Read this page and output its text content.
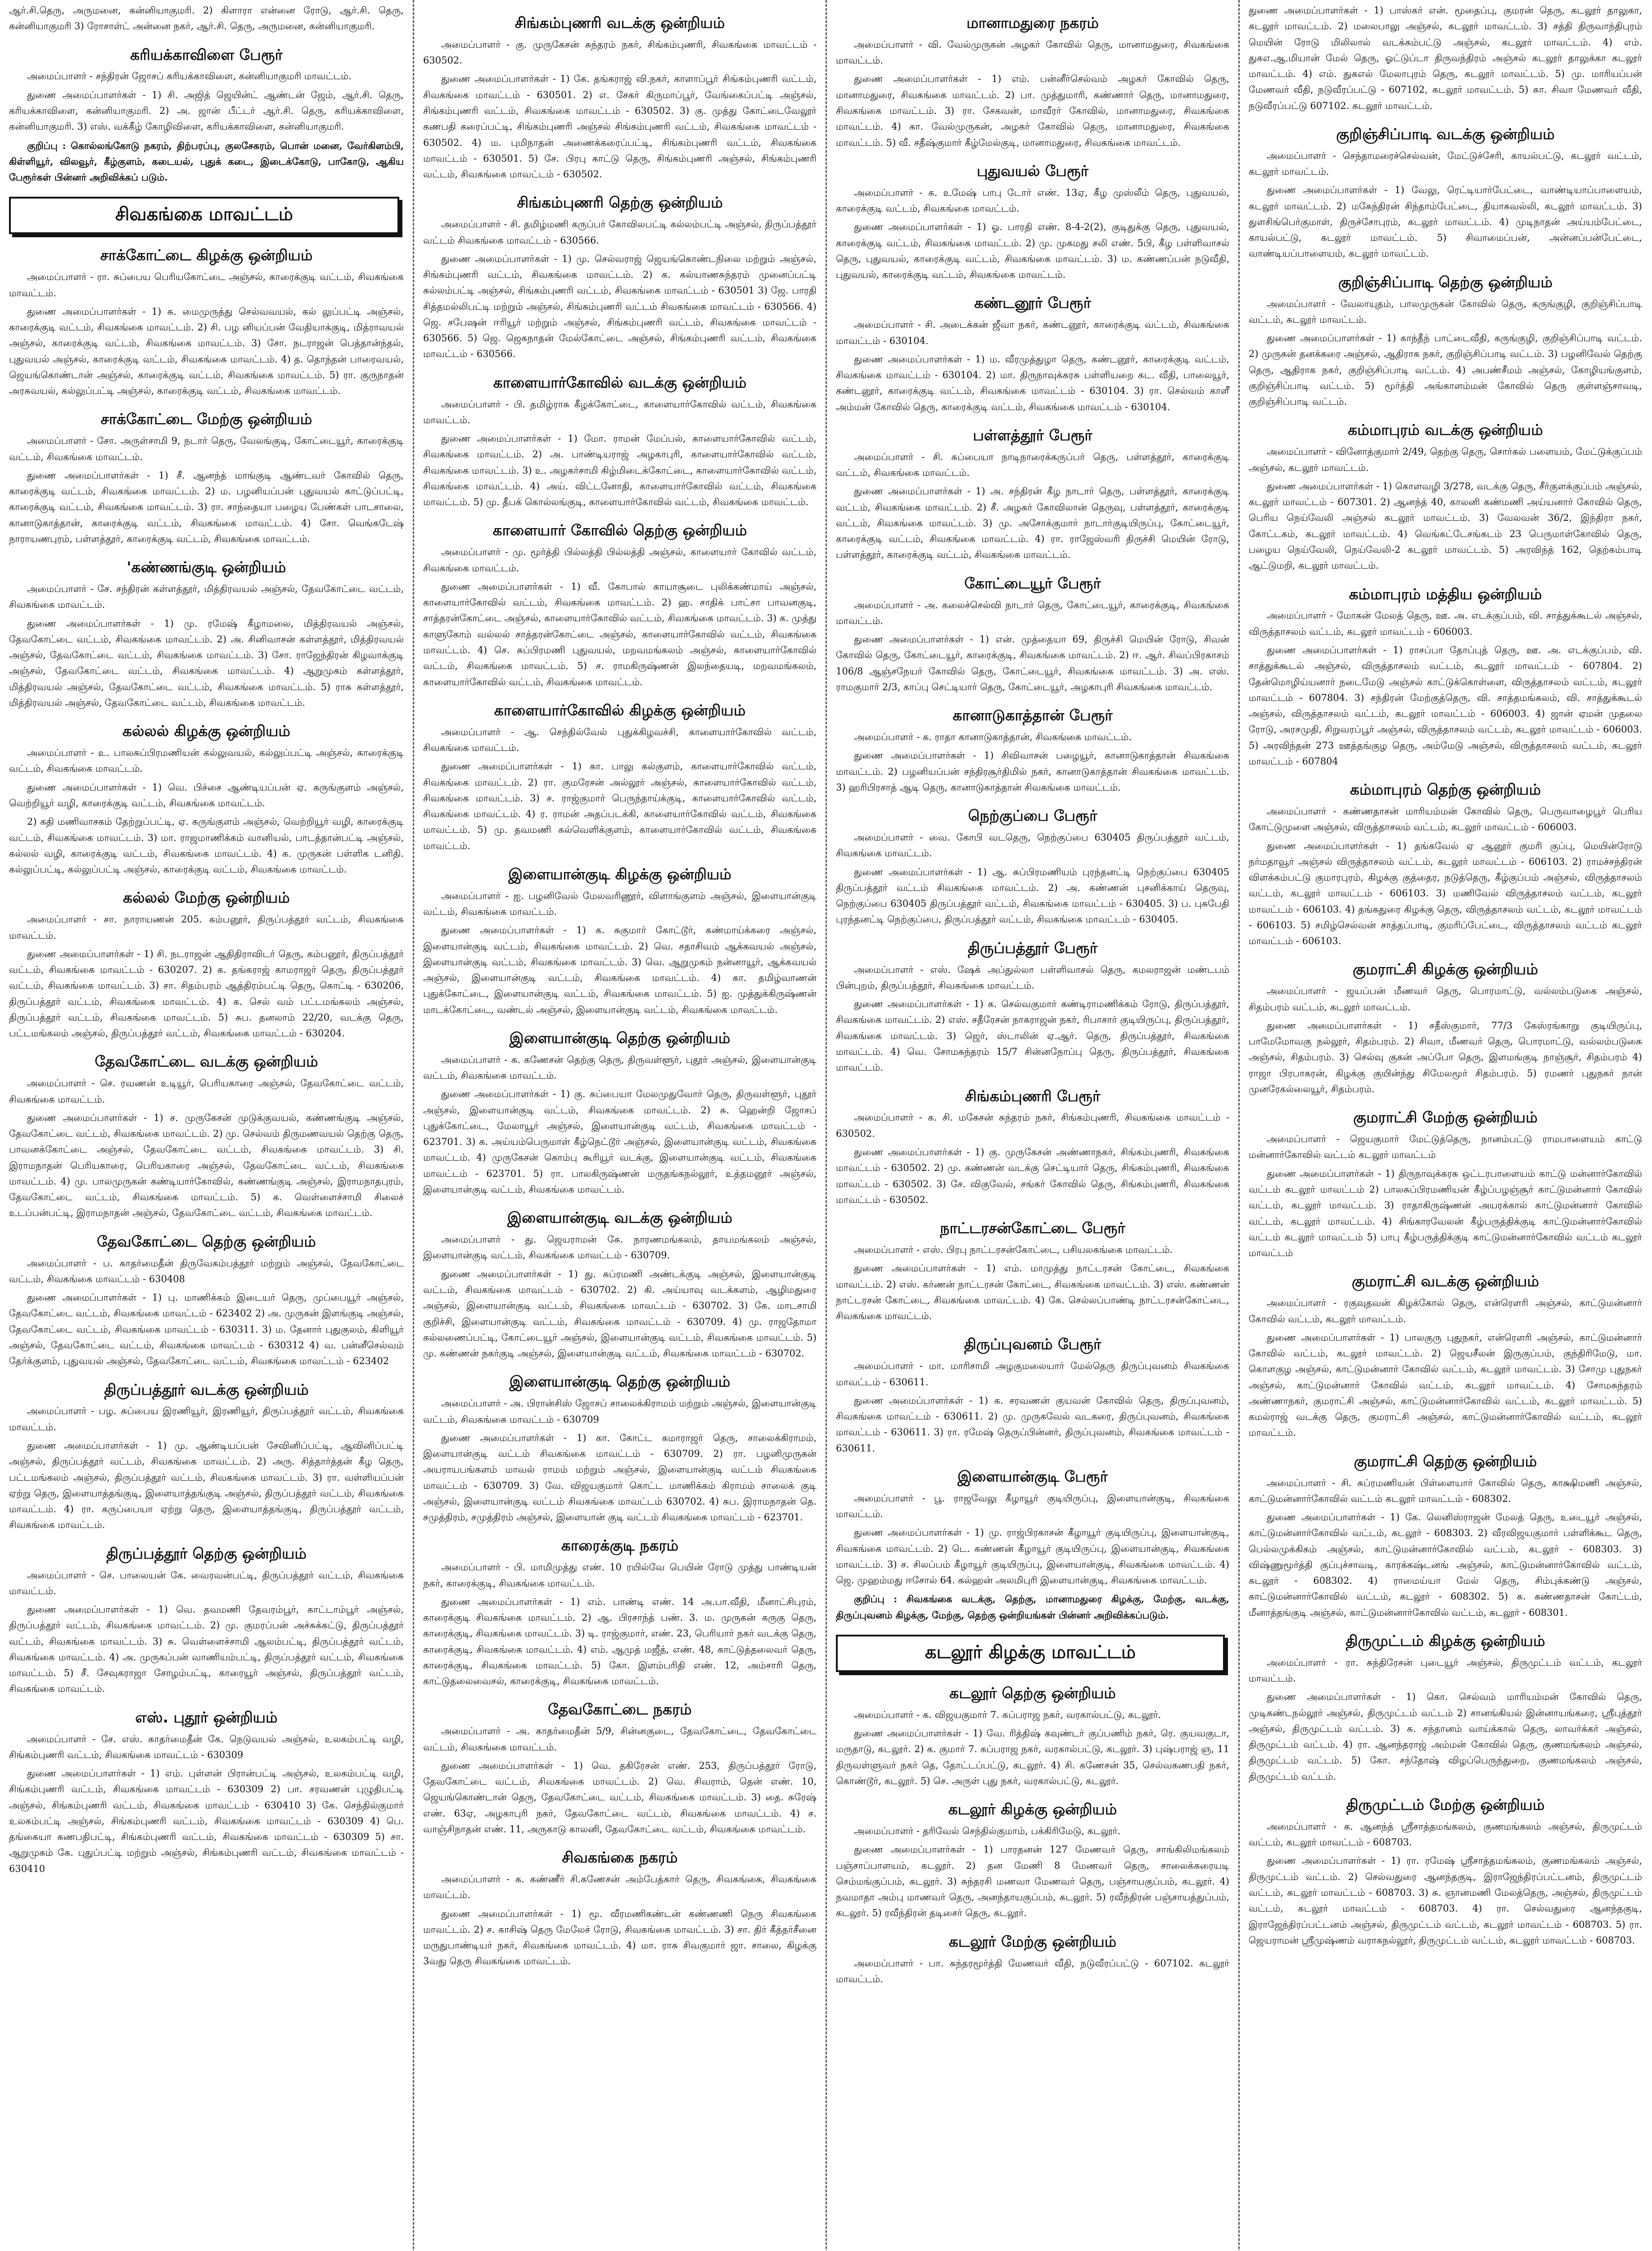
ஆர்.சி.தெரு, அருமனை, கன்னியாகுமரி. 2) கிளாரா என்னை ரோடு, ஆர்.சி. தெரு, கன்னியாகுமரி 3) ரோசாள்ட் அன்னை நகர், ஆர்.சி. தெரு, அருமனை, கன்னியாகுமரி.

கரியக்காவிளை பேரூர்

அமைப்பாளர் - சந்திரன் ஜோசப் கரியக்காவிளை, கன்னியாகுமரி மாவட்டம்.

துணை அமைப்பாளர்கள் - 1) சி. அஜித் ஜெயின்ட் ஆண்டன் ஜேம், ஆர்.சி. தெரு, கரியக்காவிளை, கன்னியாகுமரி. 2) அ. ஜான் பீட்டர் ஆர்.சி. தெரு, கரியக்காவிளை, கன்னியாகுமரி. 3) எஸ். வக்கீழ் கோழிவிளை, கரியக்காவிளை, கன்னியாகுமரி.

குறிப்பு : கொல்லங்கோடு நகரம், திற்பரப்பு, குலசேகரம், பொன் மனை, வேர்கிளம்பி, கிள்ளியூர், விலவூர், கீழ்குளம், கடையல், புதுக் கடை, இடைக்கோடு, பாகோடு, ஆகிய பேரூர்கள் பின்னர் அறிவிக்கப் படும்.

சிவகங்கை மாவட்டம்
சாக்கோட்டை கிழக்கு ஒன்றியம்

அமைப்பாளர் - ரா. சுப்பைய பெரியகோட்டை அஞ்சல், காரைக்குடி வட்டம், சிவகங்கை மாவட்டம்.

துணை அமைப்பாளர்கள் - 1) சு. மைமுருத்து செல்வவயல், கல் லுப்பட்டி அஞ்சல், காரைக்குடி வட்டம், சிவகங்கை மாவட்டம். 2) சி. பழ னியப்பன் வேதியாக்குடி, மித்ராவயல் அஞ்சல், காரைக்குடி வட்டம், சிவகங்கை மாவட்டம். 3) சோ. நடராஜன் பெத்தான்ந்தல், புதுவயல் அஞ்சல், காரைக்குடி வட்டம், சிவகங்கை மாவட்டம். 4) த. தொந்தன் பாரைவயல், ஜெயங்கொண்டான் அஞ்சல், காரைக்குடி வட்டம், சிவகங்கை மாவட்டம். 5) ரா. குருநாதன் அரசுவயல், கல்லுப்பட்டி அஞ்சல், காரைக்குடி வட்டம், சிவகங்கை மாவட்டம்.

சாக்கோட்டை மேற்கு ஒன்றியம்

அமைப்பாளர் - சோ. அருள்சாமி 9, நடார் தெரு, வேலங்குடி, கோட்டையூர், காரைக்குடி வட்டம், சிவகங்கை மாவட்டம்.

துணை அமைப்பாளர்கள் - 1) சீ. ஆனந்த் மாங்குடி ஆண்டவர் கோவில் தெரு, காரைக்குடி வட்டம், சிவகங்கை மாவட்டம். 2) ம. பழனியப்பன் புதுவயல் காட்டுப்பட்டி, காரைக்குடி வட்டம், சிவகங்கை மாவட்டம். 3) ரா. சாந்தையா பழைய பேண்கள் பாடசாலை, கானாடுகாத்தான், காரைக்குடி வட்டம், சிவகங்கை மாவட்டம். 4) சோ. வெங்கடேஷ் நாராயணபுரம், பள்ளத்தூர், காரைக்குடி வட்டம், சிவகங்கை மாவட்டம்.

'கண்ணங்குடி ஒன்றியம்

அமைப்பாளர் - சே. சந்திரன் கள்ளத்தூர், மித்திரவயல் அஞ்சல், தேவகோட்டை வட்டம், சிவகங்கை மாவட்டம்.

துணை அமைப்பாளர்கள் - 1) மு. ரமேஷ் கீழாமலை, மித்திரவயல் அஞ்சல், தேவகோட்டை வட்டம், சிவகங்கை மாவட்டம். 2) அ. சினிவாசன் கள்ளத்தூர், மித்திரவயல் அஞ்சல், தேவகோட்டை வட்டம், சிவகங்கை மாவட்டம். 3) சோ. ராஜேந்திரன் கிழவாக்குடி அஞ்சல், தேவகோட்டை வட்டம், சிவகங்கை மாவட்டம். 4) ஆறுமுகம் கள்ளத்தூர், மித்திரவயல் அஞ்சல், தேவகோட்டை வட்டம், சிவகங்கை மாவட்டம். 5) ராசு கள்ளத்தூர், மித்திரவயல் அஞ்சல், தேவகோட்டை வட்டம், சிவகங்கை மாவட்டம்.

கல்லல் கிழக்கு ஒன்றியம்

அமைப்பாளர் - உ. பாலசுப்பிரமணியன் கல்லுவயல், கல்லுப்பட்டி அஞ்சல், காரைக்குடி வட்டம், சிவகங்கை மாவட்டம்.

துணை அமைப்பாளர்கள் - 1) வெ. பிச்சை ஆண்டியப்பன் ஏ. கருங்குளம் அஞ்சல், வெற்றியூர் வழி, காரைக்குடி வட்டம், சிவகங்கை மாவட்டம்.

2) கதி மணிவாசகம் தேற்றுப்பட்டி, ஏ. கருங்குளம் அஞ்சல், வெற்றியூர் வழி, காரைக்குடி வட்டம், சிவகங்கை மாவட்டம். 3) மா. ராஜமாணிக்கம் வானியல், பாடத்தான்பட்டி அஞ்சல், கல்லல் வழி, காரைக்குடி வட்டம், சிவகங்கை மாவட்டம். 4) க. முருகன் பள்ளிக டனிதி. கல்லுப்பட்டி, கல்லுப்பட்டி அஞ்சல், காரைக்குடி வட்டம், சிவகங்கை மாவட்டம்.

கல்லல் மேற்கு ஒன்றியம்

அமைப்பாளர் - சா. நாராயணன் 205. கம்பனூர், திருப்பத்தூர் வட்டம், சிவகங்கை மாவட்டம்.

துணை அமைப்பாளர்கள் - 1) சி. நடராஜன் ஆதிதிராவிடர் தெரு, கம்பனூர், திருப்பத்தூர் வட்டம், சிவகங்கை மாவட்டம் - 630207. 2) க. தங்கராஜ் காமராஜர் தெரு, திருப்பத்தூர் வட்டம், சிவகங்கை மாவட்டம். 3) சா. சிதம்பரம் ஆத்திரம்பட்டி தெரு, கொட்டி - 630206, திருப்பத்தூர் வட்டம், சிவகங்கை மாவட்டம். 4) க. செல் வம் பட்டமங்கலம் அஞ்சல், திருப்பத்தூர் வட்டம், சிவகங்கை மாவட்டம். 5) சுப. தனலாம் 22/20, வடக்கு தெரு, பட்டமங்கலம் அஞ்சல், திருப்பத்தூர் வட்டம், சிவகங்கை மாவட்டம் - 630204.

தேவகோட்டை வடக்கு ஒன்றியம்

அமைப்பாளர் - செ. ரவணன் உடியூர், பெரியகாரை அஞ்சல், தேவகோட்டை வட்டம், சிவகங்கை மாவட்டம்.

துணை அமைப்பாளர்கள் - 1) ச. முருகேசன் முடுக்குவயல், கண்ணங்குடி அஞ்சல், தேவகோட்டை வட்டம், சிவகங்கை மாவட்டம். 2) மு. செல்வம் திருமணவயல் தெற்கு தெரு, பாவனக்கோட்டை அஞ்சல், தேவகோட்டை வட்டம், சிவகங்கை மாவட்டம். 3) சி. இராமநாதன் பெரியகாரை, பெரியகாரை அஞ்சல், தேவகோட்டை வட்டம், சிவகங்கை மாவட்டம். 4) மு. பாலமுருகன் கண்டியார்கோவில், கண்ணங்குடி அஞ்சல், இராமநாதபுரம், தேவகோட்டை வட்டம், சிவகங்கை மாவட்டம். 5) க. வெள்ளைச்சாமி சிலைச் உடப்பன்பட்டி, இராமநாதன் அஞ்சல், தேவகோட்டை வட்டம், சிவகங்கை மாவட்டம்.

தேவகோட்டை தெற்கு ஒன்றியம்

அமைப்பாளர் - ப. காதர்மைதீன் திருவேகம்பத்தூர் மற்றும் அஞ்சல், தேவகோட்டை வட்டம், சிவகங்கை மாவட்டம் - 630408

துணை அமைப்பாளர்கள் - 1) பு. மாணிக்கம் இடையர் தெரு, முப்பையூர் அஞ்சல், தேவகோட்டை வட்டம், சிவகங்கை மாவட்டம் - 623402 2) அ. முருகன் இளங்குடி அஞ்சல், தேவகோட்டை வட்டம், சிவகங்கை மாவட்டம் - 630311. 3) ம. தேனார் புதுகுலம், கிளியூர் அஞ்சல், தேவகோட்டை வட்டம், சிவகங்கை மாவட்டம் - 630312 4) வ. பன்னீசெல்வம் தேர்க்குளம், புதுவயல் அஞ்சல், தேவகோட்டை வட்டம், சிவகங்கை மாவட்டம் - 623402

திருப்பத்தூர் வடக்கு ஒன்றியம்

அமைப்பாளர் - பழ. சுப்பைய இரணியூர், இரணியூர், திருப்பத்தூர் வட்டம், சிவகங்கை மாவட்டம்.

துணை அமைப்பாளர்கள் - 1) மு. ஆண்டியப்பன் சேவினிப்பட்டி, ஆவினிப்பட்டி அஞ்சல், திருப்பத்தூர் வட்டம், சிவகங்கை மாவட்டம். 2) அரு. சித்தார்த்தன் கீழ தெரு, பட்டமங்கலம் அஞ்சல், திருப்பத்தூர் வட்டம், சிவகங்கை மாவட்டம். 3) ரா. வள்ளியப்பன் ஏற்று தெரு, இளையாத்தங்குடி, இளையாத்தங்குடி அஞ்சல், திருப்பத்தூர் வட்டம், சிவகங்கை மாவட்டம். 4) ரா. கருப்பையா ஏற்று தெரு, இளையாத்தங்குடி, திருப்பத்தூர் வட்டம், சிவகங்கை மாவட்டம்.

திருப்பத்தூர் தெற்கு ஒன்றியம்

அமைப்பாளர் - செ. பாலையன் கே. வைரவன்பட்டி, திருப்பத்தூர் வட்டம், சிவகங்கை மாவட்டம்.

துணை அமைப்பாளர்கள் - 1) வெ. தவமணி தேவரம்பூர், காட்டாம்பூர் அஞ்சல், திருப்பத்தூர் வட்டம், சிவகங்கை மாவட்டம். 2) மு. குமரப்பன் அச்சுக்கட்டு, திருப்பத்தூர் வட்டம், சிவகங்கை மாவட்டம். 3) சு. வெள்ளைச்சாமி ஆலம்பட்டி, திருப்பத்தூர் வட்டம், சிவகங்கை மாவட்டம். 4) அ. முருகப்பன் வாணியம்பட்டி, திருப்பத்தூர் வட்டம், சிவகங்கை மாவட்டம். 5) சீ. சேவுகராஜா சோழம்பட்டி, காரையூர் அஞ்சல், திருப்பத்தூர் வட்டம், சிவகங்கை மாவட்டம்.

எஸ். புதூர் ஒன்றியம்

அமைப்பாளர் - சே. எஸ். காதர்மைதீன் கே. நெடுவயல் அஞ்சல், உலகம்பட்டி வழி, சிங்கம்புணரி வட்டம், சிவகங்கை மாவட்டம் - 630309

துணை அமைப்பாளர்கள் - 1) எம். புள்ளன் பிரான்பட்டி அஞ்சல், உலகம்பட்டி வழி, சிங்கம்புணரி வட்டம், சிவகங்கை மாவட்டம் - 630309 2) பா. சரவணன் புழுதிபட்டி அஞ்சல், சிங்கம்புணரி வட்டம், சிவகங்கை மாவட்டம் - 630410 3) கே. செந்தில்குமார் உலகம்பட்டி அஞ்சல், சிங்கம்புணரி வட்டம், சிவகங்கை மாவட்டம் - 630309 4) பெ. தங்கையா கணபதிபட்டி, சிங்கம்புணரி வட்டம், சிவகங்கை மாவட்டம் - 630309 5) சா. ஆறுமுகம் கே. புதுப்பட்டி மற்றும் அஞ்சல், சிங்கம்புணரி வட்டம், சிவகங்கை மாவட்டம் - 630410

சிங்கம்புணரி வடக்கு ஒன்றியம்

அமைப்பாளர் - கு. முருகேசன் சுந்தரம் நகர், சிங்கம்புணரி, சிவகங்கை மாவட்டம் - 630502.

துணை அமைப்பாளர்கள் - 1) கே. தங்கராஜ் வி.நகர், காளாப்பூர் சிங்கம்புணரி வட்டம், சிவகங்கை மாவட்டம் - 630501. 2) எ. சேகர் கிருமாப்பூர், வேங்கைப்பட்டி அஞ்சல், சிங்கம்புணரி வட்டம், சிவகங்கை மாவட்டம் - 630502. 3) கு. முத்து கோட்டைவேலூர் கணபதி கரைப்பட்டி, சிங்கம்புணரி அஞ்சல் சிங்கம்புணரி வட்டம், சிவகங்கை மாவட்டம் - 630502. 4) ம. புமிநாதன் அணைக்கரைப்பட்டி, சிங்கம்புணரி வட்டம், சிவகங்கை மாவட்டம் - 630501. 5) சே. பிரபு காட்டு தெரு, சிங்கம்புணரி அஞ்சல், சிங்கம்புணரி வட்டம், சிவகங்கை மாவட்டம் - 630502.

சிங்கம்புணரி தெற்கு ஒன்றியம்

அமைப்பாளர் - சி. தமிழ்மணி கருப்பர் கோவிலபட்டி கல்லம்பட்டி அஞ்சல், திருப்பத்தூர் வட்டம் சிவகங்கை மாவட்டம் - 630566.

துணை அமைப்பாளர்கள் - 1) மு. செல்வராஜ் ஜெயங்கொண்டநிலை மற்றும் அஞ்சல், சிங்கம்புணரி வட்டம், சிவகங்கை மாவட்டம். 2) க. கல்யாணசுந்தரம் முனைப்பட்டி கல்லம்பட்டி அஞ்சல், சிங்கம்புணரி வட்டம், சிவகங்கை மாவட்டம் - 630501 3) ஜே. பாரதி சித்தமல்லிபட்டி மற்றும் அஞ்சல், சிங்கம்புணரி வட்டம் சிவகங்கை மாவட்டம் - 630566. 4) ஜெ. சபேஷன் ஈரியூர் மற்றும் அஞ்சல், சிங்கம்புணரி வட்டம், சிவகங்கை மாவட்டம் - 630566. 5) ஜெ. ஜெகநாதன் மேல்கோட்டை அஞ்சல், சிங்கம்புணரி வட்டம், சிவகங்கை மாவட்டம் - 630566.

காளையார்கோவில் வடக்கு ஒன்றியம்

அமைப்பாளர் - பி. தமிழ்ராசு கீழக்கோட்டை, காளையார்கோவில் வட்டம், சிவகங்கை மாவட்டம்.

துணை அமைப்பாளர்கள் - 1) மோ. ராமன் மேப்பல், காளையார்கோவில் வட்டம், சிவகங்கை மாவட்டம். 2) அ. பாண்டியராஜ் அழகாபுரி, காளையார்கோவில் வட்டம், சிவகங்கை மாவட்டம். 3) உ. அழகர்சாமி கிழ்மிடைக்கோட்டை, காளையார்கோவில் வட்டம், சிவகங்கை மாவட்டம். 4) அய். விட்டனோதி, காளையார்கோவில் வட்டம், சிவகங்கை மாவட்டம். 5) மு. தீபக் கொல்லங்குடி, காளையார்கோவில் வட்டம், சிவகங்கை மாவட்டம்.

காளையார் கோவில் தெற்கு ஒன்றியம்

அமைப்பாளர் - மு. மூர்த்தி பில்லத்தி பில்லத்தி அஞ்சல், காளையார் கோவில் வட்டம், சிவகங்கை மாவட்டம்.

துணை அமைப்பாளர்கள் - 1) வீ. கோபால் காயாசூடை புலிக்கண்மாய் அஞ்சல், காளையார்கோவில் வட்டம், சிவகங்கை மாவட்டம். 2) ஹ. சாதிக் பாட்சா பாவனகுடி, சாத்தரன்கோட்டை அஞ்சல், காளையார்கோவில் வட்டம், சிவகங்கை மாவட்டம். 3) க. முத்து காளுகோம் வல்லல் சாத்தரன்கோட்டை அஞ்சல், காளையார்கோவில் வட்டம், சிவகங்கை மாவட்டம். 4) செ. சுப்பிரமணி புதுவயல், மறவமங்கலம் அஞ்சல், காளையார்கோவில் வட்டம், சிவகங்கை மாவட்டம். 5) ச. ராமகிருஷ்ணன் இலந்தையடி, மறவமங்கலம், காளையார்கோவில் வட்டம், சிவகங்கை மாவட்டம்.

காளையார்கோவில் கிழக்கு ஒன்றியம்

அமைப்பாளர் - ஆ. செந்தில்வேல் புதுக்கிழவச்சி, காளையார்கோவில் வட்டம், சிவகங்கை மாவட்டம்.

துணை அமைப்பாளர்கள் - 1) கா. பாலு கல்குளம், காளையார்கோவில் வட்டம், சிவகங்கை மாவட்டம். 2) ரா. குமரேசன் அல்லூர் அஞ்சல், காளையார்கோவில் வட்டம், சிவகங்கை மாவட்டம். 3) ச. ராஜ்குமார் பெருந்தாய்க்குடி, காளையார்கோவில் வட்டம், சிவகங்கை மாவட்டம். 4) ர. ராமன் அதப்படக்கி, காளையார்கோவில் வட்டம், சிவகங்கை மாவட்டம். 5) மு. தவமணி கல்வெளிக்குளம், காளையார்கோவில் வட்டம், சிவகங்கை மாவட்டம்.

இளையான்குடி கிழக்கு ஒன்றியம்

அமைப்பாளர் - ஐ. பழனிவேல் மேலவரிணூர், விளாங்குளம் அஞ்சல், இளையான்குடி வட்டம், சிவகங்கை மாவட்டம்.

துணை அமைப்பாளர்கள் - 1) க. சுகுமார் கோட்டூர், கண்மாய்க்கரை அஞ்சல், இளையான்குடி வட்டம், சிவகங்கை மாவட்டம். 2) வெ. சதாசிவம் ஆக்கவயல் அஞ்சல், இளையான்குடி வட்டம், சிவகங்கை மாவட்டம். 3) வெ. ஆறுமுகம் நன்னாயூர், ஆக்கவயல் அஞ்சல், இளையான்குடி வட்டம், சிவகங்கை மாவட்டம். 4) கா. தமிழ்வாணன் புதுக்கோட்டை, இளையான்குடி வட்டம், சிவகங்கை மாவட்டம். 5) ஐ. முத்துக்கிருஷ்ணன் மாடக்கோட்டை, வண்டல் அஞ்சல், இளையான்குடி வட்டம், சிவகங்கை மாவட்டம்.

இளையான்குடி தெற்கு ஒன்றியம்

அமைப்பாளர் - க. கணேசன் தெற்கு தெரு, திருவள்ளூர், புதூர் அஞ்சல், இளையான்குடி வட்டம், சிவகங்கை மாவட்டம்.

துணை அமைப்பாளர்கள் - 1) கு. சுப்பையா மேலமுதுவோர் தெரு, திருவள்ளூர், புதூர் அஞ்சல், இளையான்குடி வட்டம், சிவகங்கை மாவட்டம். 2) சு. ஹென்றி ஜோசப் புதுக்கோட்டை, மேலாயூர் அஞ்சல், இளையான்குடி வட்டம், சிவகங்கை மாவட்டம் - 623701. 3) க. அய்யம்பெருமாள் கீழ்நெட்டூர் அஞ்சல், இளையான்குடி வட்டம், சிவகங்கை மாவட்டம். 4) முருகேசன் கொம்பு கூரியூர் வடக்கு, இளையான்குடி வட்டம், சிவகங்கை மாவட்டம் - 623701. 5) ரா. பாலகிருஷ்ணன் மருதங்கநல்லூர், உத்தமனூர் அஞ்சல், இளையான்குடி வட்டம், சிவகங்கை மாவட்டம்.

இளையான்குடி வடக்கு ஒன்றியம்

அமைப்பாளர் - து. ஜெயராமன் கே. நாரணமங்கலம், தாயமங்கலம் அஞ்சல், இளையான்குடி வட்டம், சிவகங்கை மாவட்டம் - 630709.

துணை அமைப்பாளர்கள் - 1) து. சுப்ரமணி அண்டக்குடி அஞ்சல், இளையான்குடி வட்டம், சிவகங்கை மாவட்டம் - 630702. 2) கி. அய்யாவு வடக்களம், ஆழிமதுரை அஞ்சல், இளையான்குடி வட்டம், சிவகங்கை மாவட்டம் - 630702. 3) கே. மாடசாமி குறிச்சி, இளையான்குடி வட்டம், சிவகங்கை மாவட்டம் - 630709. 4) மு. ராஜதோமா கல்லணைப்பட்டி, கோட்டையூர் அஞ்சல், இளையான்குடி வட்டம், சிவகங்கை மாவட்டம். 5) மு. கண்ணன் நகர்குடி அஞ்சல், இளையான்குடி வட்டம், சிவகங்கை மாவட்டம் - 630702.

இளையான்குடி தெற்கு ஒன்றியம்

அமைப்பாளர் - அ. பிரான்சிஸ் ஜோசப் சாலைக்கிராமம் மற்றும் அஞ்சல், இளையான்குடி வட்டம், சிவகங்கை மாவட்டம் - 630709

துணை அமைப்பாளர்கள் - 1) கா. கோட்ட கமாராஜர் தெரு, சாலைக்கிராமம், இளையான்குடி வட்டம் சிவகங்கை மாவட்டம் - 630709. 2) ரா. பழனிமுருகன் அயராயபங்களம் மாவல் ராமம் மற்றும் அஞ்சல், இளையான்குடி வட்டம் சிவகங்கை மாவட்டம் - 630709. 3) வே. விஜயகுமார் கொட்ட மாணிக்கம் கிராமம் சாலைக் குடி அஞ்சல், இளையான்குடி வட்டம் சிவகங்கை மாவட்டம் 630702. 4) சுப. இராமநாதன் தெ. சமுத்திரம், சமுத்திரம் அஞ்சல், இளையான் குடி வட்டம் சிவகங்கை மாவட்டம் - 623701.

காரைக்குடி நகரம்

அமைப்பாளர் - பி. மாமிமுத்து எண். 10 ரயில்வே பெயின் ரோடு முத்து பாண்டியன் நகர், காரைக்குடி, சிவகங்கை மாவட்டம்.

துணை அமைப்பாளர்கள் - 1) எம். பாண்டி எண். 14 அ.பா.வீதி, மீனாட்சிபுரம், காரைக்குடி சிவகங்கை மாவட்டம். 2) ஆ. பிரசாந்த் பண். 3. ம. முருகன் கருகு தெரு, காரைக்குடி, சிவகங்கை மாவட்டம். 3) டி. ராஜ்குமார், எண். 23, பெரியார் நகர் வடக்கு தெரு, காரைக்குடி, சிவகங்கை மாவட்டம். 4) எம். ஆமுத் மஜீத், எண். 48, காட்டுத்தலைவர் தெரு, காரைக்குடி, சிவகங்கை மாவட்டம். 5) கோ. இளம்பரிதி எண். 12, அம்சாரி தெரு, காட்டுதலைவைசல், காரைக்குடி, சிவகங்கை மாவட்டம்.

தேவகோட்டை நகரம்

அமைப்பாளர் - அ. காதர்மைதீன் 5/9, சின்னகுடை, தேவகோட்டை, தேவகோட்டை வட்டம், சிவகங்கை மாவட்டம்.

துணை அமைப்பாளர்கள் - 1) வெ. தகிரேசன் எண். 253, திருப்பத்தூர் ரோடு, தேவகோட்டை வட்டம், சிவகங்கை மாவட்டம். 2) வெ. சிவராம், தென் எண். 10, ஜெயங்கொண்டான் தெரு, தேவகோட்டை வட்டம், சிவகங்கை மாவட்டம். 3) தை. சுரேஷ் எண். 63ஏ, அழகாபுரி நகர், தேவகோட்டை வட்டம், சிவகங்கை மாவட்டம். 4) ச. வாஞ்சிநாதன் எண். 11, அருகாடு காலனி, தேவகோட்டை வட்டம், சிவகங்கை மாவட்டம்.

சிவகங்கை நகரம்

அமைப்பாளர் - க. கண்ணீர் சி.கணேசன் அம்பேத்கார் தெரு, சிவகங்கை, சிவகங்கை மாவட்டம்.

துணை அமைப்பாளர்கள் - 1) மூ. வீரமணிகண்டன் கண்ணணி நெரு சிவகங்கை மாவட்டம். 2) ச. காசிஷ் தெரு மேலேச் ரோடு, சிவகங்கை மாவட்டம். 3) சா. திர் கீத்தர்சீனை மருதுபாண்டியர் நகர், சிவகங்கை மாவட்டம். 4) மா. ராசு சிவகுமார் ஜா. சாலை, கிழக்கு 3வது தெரு சிவகங்கை மாவட்டம்.

மானாமதுரை நகரம்

அமைப்பாளர் - வி. வேல்முருகன் அழகர் கோவில் தெரு, மானாமதுரை, சிவகங்கை மாவட்டம்.

துணை அமைப்பாளர்கள் - 1) எம். பன்னீர்செல்வம் அழகர் கோவில் தெரு, மானாமதுரை, சிவகங்கை மாவட்டம். 2) பா. முத்துமாரி, கண்ணார் தெரு, மானாமதுரை, சிவகங்கை மாவட்டம். 3) ரா. சேகவன், மாவீரர் கோவில், மானாமதுரை, சிவகங்கை மாவட்டம். 4) கா. வேல்முருகன், அழகர் கோவில் தெரு, மானாமதுரை, சிவகங்கை மாவட்டம். 5) வீ. சதீஷ்குமார் கீழ்மேல்குடி, மானாமதுரை, சிவகங்கை மாவட்டம்.

புதுவயல் பேரூர்

அமைப்பாளர் - க. உமேஷ் பாபு டோர் எண். 13ஏ, கீழ முஸ்லீம் தெரு, புதுவயல், காரைக்குடி வட்டம், சிவகங்கை மாவட்டம்.

துணை அமைப்பாளர்கள் - 1) ஓ. பாரதி எண். 8-4-2(2), குடிதுக்கு தெரு, புதுவயல், காரைக்குடி வட்டம், சிவகங்கை மாவட்டம். 2) மு. முகமது சலி எண். 5பி, கீழ பள்ளிவாசல் தெரு, புதுவயல், காரைக்குடி வட்டம், சிவகங்கை மாவட்டம். 3) ம. கண்ணப்பன் நடுவீதி, புதுவயல், காரைக்குடி வட்டம், சிவகங்கை மாவட்டம்.

கண்டனூர் பேரூர்

அமைப்பாளர் - சி. அடைக்கன் ஜீவா நகர், கண்டனூர், காரைக்குடி வட்டம், சிவகங்கை மாவட்டம் - 630104.

துணை அமைப்பாளர்கள் - 1) ம. வீரமுத்துழா தெரு, கண்டனூர், காரைக்குடி வட்டம், சிவகங்கை மாவட்டம் - 630104. 2) மா. திருநாவுக்கரசு பள்ளியறை கட. வீதி, பாலையூர், கண்டனூர், காரைக்குடி வட்டம், சிவகங்கை மாவட்டம் - 630104. 3) ரா. செல்வம் காளீ அம்மன் கோவில் தெரு, காரைக்குடி வட்டம், சிவகங்கை மாவட்டம் - 630104.

பள்ளத்தூர் பேரூர்

அமைப்பாளர் - சி. சுப்பையா நாடிநாரைக்கருப்பர் தெரு, பள்ளத்தூர், காரைக்குடி வட்டம், சிவகங்கை மாவட்டம்.

துணை அமைப்பாளர்கள் - 1) அ. சந்திரன் கீழ நாடார் தெரு, பள்ளத்தூர், காரைக்குடி வட்டம், சிவகங்கை மாவட்டம். 2) சீ. அழகர் கோவிலான் தெருவு, பள்ளத்தூர், காரைக்குடி வட்டம், சிவகங்கை மாவட்டம். 3) மு. அசோக்குமார் நாடார்குடியிருப்பு, கோட்டையூர், காரைக்குடி வட்டம், சிவகங்கை மாவட்டம். 4) ரா. ராஜேஸ்வரி திருச்சி மெயின் ரோடு, பள்ளத்தூர், காரைக்குடி வட்டம், சிவகங்கை மாவட்டம்.

கோட்டையூர் பேரூர்

அமைப்பாளர் - அ. கலைச்செல்வி நாடார் தெரு, கோட்டையூர், காரைக்குடி, சிவகங்கை மாவட்டம்.

துணை அமைப்பாளர்கள் - 1) என். முத்தையா 69, திருச்சி மெயின் ரோடு, சிவன் கோவில் தெரு, கோட்டையூர், காரைக்குடி, சிவகங்கை மாவட்டம். 2) ஈ. ஆர். சிவப்பிரகாசம் 106/8 ஆஞ்சநேயர் கோவில் தெரு, கோட்டையூர், சிவகங்கை மாவட்டம். 3) அ. எஸ். ராமகுமார் 2/3, காப்பு செட்டியார் தெரு, கோட்டையூர், அழகாபுரி சிவகங்கை மாவட்டம்.

கானாடுகாத்தான் பேரூர்

அமைப்பாளர் - க. ராதா கானாடுகாத்தான், சிவகங்கை மாவட்டம்.

துணை அமைப்பாளர்கள் - 1) சிவிவாசன் பழையூர், கானாடுகாத்தான் சிவகங்கை மாவட்டம். 2) பழனியப்பன் சந்திரசூர்திமில் நகர், கானாடுகாத்தான் சிவகங்கை மாவட்டம். 3) ஹரிபிரசாத் ஆடி தெரு, கானாடுகாத்தான் சிவகங்கை மாவட்டம்.

நெற்குப்பை பேரூர்

அமைப்பாளர் - வை. கோபி வடதெரு, நெற்குப்பை 630405 திருப்பத்தூர் வட்டம், சிவகங்கை மாவட்டம்.

துணை அமைப்பாளர்கள் - 1) ஆ. சுப்பிரமணியம் புரந்தனட்டி நெற்குப்பை 630405 திருப்பத்தூர் வட்டம் சிவகங்கை மாவட்டம். 2) அ. கண்ணன் புசனிக்காய் தெருவு, நெற்குப்பை 630405 திருப்பத்தூர் வட்டம், சிவகங்கை மாவட்டம் - 630405. 3) ப. புசுபேதி புரந்தனட்டி நெற்குப்பை, திருப்பத்தூர் வட்டம், சிவகங்கை மாவட்டம் - 630405.

திருப்பத்தூர் பேரூர்

அமைப்பாளர் - எஸ். ஷேக் அப்துல்லா பள்ளிவாசல் தெரு, கமலராஜன் மண்டபம் பின்புறம், திருப்பத்தூர், சிவகங்கை மாவட்டம்.

துணை அமைப்பாளர்கள் - 1) க. செல்வகுமார் கண்டிராமணிக்கம் ரோடு, திருப்பத்தூர், சிவகங்கை மாவட்டம். 2) எஸ். சதீரேசன் நாகராஜன் நகர், ரிபாசார் குடியிருப்பு, திருப்பத்தூர், சிவகங்கை மாவட்டம். 3) ஜெர், ஸ்டாலின் ஏ.ஆர். தெரு, திருப்பத்தூர், சிவகங்கை மாவட்டம். 4) வெ. சோமசுந்தரம் 15/7 சின்னநோப்பு தெரு, திருப்பத்தூர், சிவகங்கை மாவட்டம்.

சிங்கம்புணரி பேரூர்

அமைப்பாளர் - க. சி. மகேசன் சுந்தரம் நகர், சிங்கம்புணரி, சிவகங்கை மாவட்டம் - 630502.

துணை அமைப்பாளர்கள் - 1) கு. முருகேசன் அண்ணாநகர், சிங்கம்புணரி, சிவகங்கை மாவட்டம் - 630502. 2) மு. கண்ணன் வடக்கு செட்டியார் தெரு, சிங்கம்புணரி, சிவகங்கை மாவட்டம் - 630502. 3) சே. விகுவேல், சங்கர் கோவில் தெரு, சிங்கம்புணரி, சிவகங்கை மாவட்டம் - 630502.

நாட்டரசன்கோட்டை பேரூர்

அமைப்பாளர் - எஸ். பிரபு நாட்டரசன்கோட்டை, பசியலகங்கை மாவட்டம்.

துணை அமைப்பாளர்கள் - 1) எம். மாமுத்து நாட்டரசன் கோட்டை, சிவகங்கை மாவட்டம். 2) எஸ். கர்ணன் நாட்டரசன் கோட்டை, சிவகங்கை மாவட்டம். 3) எஸ். கண்ணன் நாட்டரசன் கோட்டை, சிவகங்கை மாவட்டம். 4) கே. செல்லப்பாண்டி நாட்டரசன்கோட்டை, சிவகங்கை மாவட்டம்.

திருப்புவனம் பேரூர்

அமைப்பாளர் - மா. மாரிசாமி அழகுமலையார் மேல்தெரு திருப்புவனம் சிவகங்கை மாவட்டம் - 630611.

துணை அமைப்பாளர்கள் - 1) க. சரவணன் குயவன் கோவில் தெரு, திருப்புவனம், சிவகங்கை மாவட்டம் - 630611. 2) மு. முருகவேல் வடகரை, திருப்புவனம், சிவகங்கை மாவட்டம் - 630611. 3) ரா. ரமேஷ் தெருப்பின்னர், திருப்புவனம், சிவகங்கை மாவட்டம் - 630611.

இளையான்குடி பேரூர்

அமைப்பாளர் - பூ. ராஜவேலு கீழாயூர் குடியிருப்பு, இளையான்குடி, சிவகங்கை மாவட்டம்.

துணை அமைப்பாளர்கள் - 1) மு. ராஜ்பிரகாசன் கீழாயூர் குடியிருப்பு, இளையான்குடி, சிவகங்கை மாவட்டம். 2) டெ. கண்ணன் கீழாயூர் குடியிருப்பு, இளையான்குடி, சிவகங்கை மாவட்டம். 3) ச. சிலப்பம் கீழாயூர் குடியிருப்பு, இளையான்குடி, சிவகங்கை மாவட்டம். 4) ஜெ. முஹம்மது ஈசோல் 64. கல்ஹன் அலமிபுரி இளையான்குடி, சிவகங்கை மாவட்டம்.

குறிப்பு : சிவகங்கை வடக்கு, தெற்கு, மானாமதுரை கிழக்கு, மேற்கு, வடக்கு, திருப்புவனம் கிழக்கு, மேற்கு, தெற்கு ஒன்றியங்கள் பின்னர் அறிவிக்கப்படும்.

கடலூர் கிழக்கு மாவட்டம்
கடலூர் தெற்கு ஒன்றியம்

அமைப்பாளர் - க. விஜயகுமார் 7. கப்பராஜ நகர், வரகால்பட்டு, கடலூர்.

துணை அமைப்பாளர்கள் - 1) வே. ரித்திஷ் கவுண்டர் குப்பணிம் நகர், ரெ. குயவகுடா, மருதாடு, கடலூர். 2) க. குமார் 7. கப்பராஜ நகர், வரகால்பட்டு, கடலூர். 3) புஷ்பராஜ் ஞ, 11 திருவள்ளுவர் நகர் தெ, தோட்டப்பட்டு, கடலூர். 4) சி. கணேசன் 35, செல்வகணபதி நகர், கொண்டூர், கடலூர். 5) செ. அருள் புது நகர், வரகால்பட்டு, கடலூர்.

கடலூர் கிழக்கு ஒன்றியம்

அமைப்பாளர் - தரிவேல் செந்தில்குமாம், பக்கிரிமேடு, கடலூர்.

துணை அமைப்பாளர்கள் - 1) பாரதனன் 127 மேணவர் தெரு, சாங்கிலிமங்கலம் பஞ்சாப்பாளயம், கடலூர். 2) தன மேணி 8 மேணவர் தெரு, சாலைக்கரையடி செம்மங்குப்பம், கடலூர். 3) சுந்தரசி மணவா மேணவர் தெரு, பஞ்சாயகுப்பம், கடலூர். 4) நவமாதா அம்பு மாணவர் தெரு, அனந்தாயகுப்பம், கடலூர். 5) ரவீந்திரன் பஞ்சாயத்துப்பம், கடலூர். 5) ரவீந்திரன் தடிசைர் தெரு, கடலூர்.

கடலூர் மேற்கு ஒன்றியம்

அமைப்பாளர் - பா. சுந்தரமூர்த்தி மேணவர் வீதி, நடுவீரப்பட்டு - 607102. கடலூர் மாவட்டம்.

துணை அமைப்பாளர்கள் - 1) பாஸ்கர் என். மூதைப்பு, குமரன் தெரு, கடலூர் தாலுகா, கடலூர் மாவட்டம். 2) மலைபாலு அஞ்சல், கடலூர் மாவட்டம். 3) சத்தி திருவாந்திபுரம் மெயின் ரோடு மிலிலால் வடக்கம்பட்டு அஞ்சல், கடலூர் மாவட்டம். 4) எம். துகஎ.ஆ.மியான் மேல் தெரு, ஓட்டுப்டா திருவந்திரம் அஞ்சல் கடலூர் தாலுக்கா கடலூர் மாவட்டம். 4) எம். துகஎல் மேலாபுரம் தெரு, கடலூர் மாவட்டம். 5) மு. மாரியப்பன் மேணவர் வீதி, நடுவீரப்பட்டு - 607102, கடலூர் மாவட்டம். 5) கா. சிவா மேணவர் வீதி, நடுவீரப்பட்டு 607102. கடலூர் மாவட்டம்.

குறிஞ்சிப்பாடி வடக்கு ஒன்றியம்

அமைப்பாளர் - செந்தாமரைச்செல்வன், மேட்டுச்சேரி, காயல்பட்டு, கடலூர் வட்டம், கடலூர் மாவட்டம்.

துணை அமைப்பாளர்கள் - 1) வேலு, ரெட்டியார்பேட்டை, வாண்டியாப்பாளையம், கடலூர் மாவட்டம். 2) மகேந்திரன் சிந்தாம்பேட்டை, தியாகவல்லி, கடலூர் மாவட்டம். 3) துளசிங்பெர்குமாள், திருச்சோபுரம், கடலூர் மாவட்டம். 4) முடிநாதன் அய்யம்பேட்டை, காயல்பட்டு, கடலூர் மாவட்டம். 5) சிவாமைப்பன், அன்னப்பன்பேட்டை, வாண்டியப்பாளையம், கடலூர் மாவட்டம்.

குறிஞ்சிப்பாடி தெற்கு ஒன்றியம்

அமைப்பாளர் - வேலாயுதம், பாலமுருகன் கோவில் தெரு, கருங்குழி, குறிஞ்சிப்பாடி வட்டம், கடலூர் மாவட்டம்.

துணை அமைப்பாளர்கள் - 1) காந்தீந் பாட்டைவீதி, கருங்குழி, குறிஞ்சிப்பாடி வட்டம். 2) முருகன் தனக்கரை அஞ்சல், ஆதிராக நகர், குறிஞ்சிப்பாடி வட்டம். 3) பழனிவேல் தெற்கு தெரு, ஆதிராக நகர், குறிஞ்சிப்பாடி வட்டம். 4) அபண்சீமம் அஞ்சல், கோழியங்குளம், குறிஞ்சிப்பாடி வட்டம். 5) மூர்த்தி அங்காளம்மன் கோவில் தெரு குள்ளஞ்சாவடி, குறிஞ்சிப்பாடி வட்டம்.

கம்மாபுரம் வடக்கு ஒன்றியம்

அமைப்பாளர் - வினோத்குமார் 2/49, தெற்கு தெரு, சொர்கல் பளையம், மேட்டுக்குப்பம் அஞ்சல், கடலூர் மாவட்டம்.

துணை அமைப்பாளர்கள் - 1) கொளவழி 3/278, வடக்கு தெரு, சீர்குளக்குப்பம் அஞ்சல், கடலூர் மாவட்டம் - 607301. 2) ஆனந்த் 40, காலனி கண்மணி அய்யனார் கோவில் தெரு, பெரிய நெய்வேலி அஞ்சல் கடலூர் மாவட்டம். 3) வேலவன் 36/2, இந்திரா நகர், கோட்டகம், கடலூர் மாவட்டம். 4) வெங்கட்டேசங்கடம் 23 பெருமாள்கோவில் தெரு, பழைய நெய்வேலி, நெய்வேலி-2 கடலூர் மாவட்டம். 5) அரவிந்த் 162, தெற்கம்பாடி ஆட்டுமறி, கடலூர் மாவட்டம்.

கம்மாபுரம் மத்திய ஒன்றியம்

அமைப்பாளர் - மோகன் மேலத் தெரு, ஊ. அ. எடக்குப்பம், வி. சாத்துக்கூடல் அஞ்சல், விருத்தாசலம் வட்டம், கடலூர் மாவட்டம் - 606003.

துணை அமைப்பாளர்கள் - 1) ராசப்பா தோப்புத் தெரு, ஊ. அ. எடக்குப்பம், வி. சாத்துக்கூடல் அஞ்சல், விருத்தாசலம் வட்டம், கடலூர் மாவட்டம் - 607804. 2) தேன்மொழிய்யனார் நடைமேடு அஞ்சல் காட்டுக்கொள்ளை, விருத்தாசலம் வட்டம், கடலூர் மாவட்டம் - 607804. 3) சந்திரன் மேற்குத்தெரு, வி. சாத்தமங்கலம், வி. சாத்துக்கூடல் அஞ்சல், விருத்தாசலம் வட்டம், கடலூர் மாவட்டம் - 606003. 4) ஜான் ஏமன் முதலை ரோடு, அரசமுதி, சிறுவரப்பூர் அஞ்சல், விருத்தாசலம் வட்டம், கடலூர் மாவட்டம் - 606003. 5) அரவிந்தன் 273 ஊத்தங்குழ தெரு, அம்மேடு அஞ்சல், விருத்தாசலம் வட்டம், கடலூர் மாவட்டம் - 607804

கம்மாபுரம் தெற்கு ஒன்றியம்

அமைப்பாளர் - கண்ணதாசன் மாரியம்மன் கோவில் தெரு, பெருவாழைபூர் பெரிய கோட்டுமுளை அஞ்சல், விருத்தாசலம் வட்டம், கடலூர் மாவட்டம் - 606003.

துணை அமைப்பாளர்கள் - 1) தங்கவேல் ஏ ஆனூர் குமரி குப்பு, மெயின்ரோடு நர்மதாவூர் அஞ்சல் விருத்தாசலம் வட்டம், கடலூர் மாவட்டம் - 606103. 2) ராமச்சந்திரன் விளக்கம்பட்டு குமாரபுரம், கிழக்கு குத்தைர, நடுத்தெரு, கீழ்குப்பம் அஞ்சல், விருத்தாசலம் வட்டம், கடலூர் மாவட்டம் - 606103. 3) மணிவேல் விருத்தாசலம் வட்டம், கடலூர் மாவட்டம் - 606103. 4) தங்கதுரை கிழக்கு தெரு, விருத்தாசலம் வட்டம், கடலூர் மாவட்டம் - 606103. 5) சமிழ்செல்வன் சாத்தப்பாடி, குமரிப்பேட்டை, விருத்தாசலம் வட்டம் கடலூர் மாவட்டம் - 606103.

குமராட்சி கிழக்கு ஒன்றியம்

அமைப்பாளர் - ஜயப்பன் மீணவர் தெரு, பொரமாட்டு, வல்லம்படுகை அஞ்சல், சிதம்பரம் வட்டம், கடலூர் மாவட்டம்.

துணை அமைப்பாளர்கள் - 1) சதீஸ்குமார், 77/3 கேஸ்ரங்காறு குடியிருப்பு, பாமேமோவகு நல்லூர், சிதம்பரம். 2) சிவா, மீணவர் தெரு, பொரமாட்டு, வல்லம்படுகை அஞ்சல், சிதம்பரம். 3) செல்வு குகன் அப்போ தெரு, இளமங்குடி நாஞ்சூர், சிதம்பரம் 4) ராஜா பிரபாகரன், கிழக்கு குயின்ந்து சிமேலமூர் சிதம்பரம். 5) ரமணர் புதுநகர் நான் முனரேகல்லையூர், சிதம்பரம்.

குமராட்சி மேற்கு ஒன்றியம்

அமைப்பாளர் - ஜெயகுமார் மேட்டுத்தெரு, நானம்பட்டு ராமபாளையம் காட்டு மன்னார்கோவில் வட்டம் கடலூர் மாவட்டம்

துணை அமைப்பாளர்கள் - 1) திருநாவுக்கரசு ஒட்டரபாளையம் காட்டு மன்னார்கோவில் வட்டம் கடலூர் மாவட்டம் 2) பாலசுப்பிரமணியன் கீழ்ப்பழஞ்சூர் காட்டுமன்னார் கோவில் வட்டம், கடலூர் மாவட்டம். 3) ராதாகிருஷ்ணன் அயரக்கால் காட்டுமன்னார் கோவில் வட்டம், கடலூர் மாவட்டம். 4) சிங்காரவேலன் கீழ்பருத்திக்குடி காட்டுமன்னார்கோவில் வட்டம் கடலூர் மாவட்டம் 5) பாபு கீழ்பருத்திக்குடி காட்டுமன்னார்கோவில் வட்டம் கடலூர் மாவட்டம்

குமராட்சி வடக்கு ஒன்றியம்

அமைப்பாளர் - ரகுவுதவன் கிழக்கோல் தெரு, என்ரௌரி அஞ்சல், காட்டுமன்னார் கோவில் வட்டம், கடலூர் மாவட்டம்.

துணை அமைப்பாளர்கள் - 1) பாலகுரு புதுநகர், என்ரௌரி அஞ்சல், காட்டுமன்னார் கோவில் வட்டம், கடலூர் மாவட்டம். 2) ஜெயசீலன் இருகுப்பம், குந்திரிமேடு, மா. கொளகுழ அஞ்சல், காட்டுமன்னார் கோவில் வட்டம், கடலூர் மாவட்டம். 3) சோமு புதுநகர் அஞ்சல், காட்டுமன்னார் கோவில் வட்டம், கடலூர் மாவட்டம். 4) சோமசுந்தரம் அண்ணாநகர், குமராட்சி அஞ்சல், காட்டுமன்னார்கோவில் வட்டம், கடலூர் மாவட்டம். 5) கமல்ராஜ் வடக்கு தெரு, குமராட்சி அஞ்சல், காட்டுமன்னார்கோவில் வட்டம், கடலூர் மாவட்டம்.

குமராட்சி தெற்கு ஒன்றியம்

அமைப்பாளர் - சி. சுப்ரமணியன் பிள்ளையார் கோவில் தெரு, காக்ஷிமணி அஞ்சல், காட்டுமன்னார்கோவில் வட்டம் கடலூர் மாவட்டம் - 608302.

துணை அமைப்பாளர்கள் - 1) கே. லெனிஸ்ராஜன் மேலத் தெரு, உடையூர் அஞ்சல், காட்டுமன்னார்கோவில் வட்டம், கடலூர் - 608303. 2) வீரவிஜயகுமார் பள்ளிக்கூட தெரு, பெல்லமுக்கிகம் அஞ்சல், காட்டுமன்னார்கோவில் வட்டம், கடலூர் - 608303. 3) விஷ்ணுமூர்த்தி குப்புச்சாவடி, காரக்கஷ்டனங் அஞ்சல், காட்டுமன்னார்கோவில் வட்டம், கடலூர் - 608302. 4) ராமைய்யா மேல் தெரு, சிம்புக்கண்டு அஞ்சல், காட்டுமன்னார்கோவில் வட்டம், கடலூர் - 608302. 5) க. கண்ணதாசன் கோட்டம், மீனாத்தங்குடி அஞ்சல், காட்டுமன்னார்கோவில் வட்டம், கடலூர் - 608301.

திருமுட்டம் கிழக்கு ஒன்றியம்

அமைப்பாளர் - ரா. சுந்திரேசன் புடையூர் அஞ்சல், திருமுட்டம் வட்டம், கடலூர் மாவட்டம்.

துணை அமைப்பாளர்கள் - 1) கொ. செல்வம் மாரியம்மன் கோவில் தெரு, முடிகண்டநல்லூர் அஞ்சல், திருமுட்டம் வட்டம் 2) சானங்கியல் இன்னாயங்கரை, ஸ்ரீபுத்தூர் அஞ்சல், திருமுட்டம் வட்டம். 3) சு. சந்தானம் வாய்க்கால் தெரு, லாவர்க்கர் அஞ்சல், திருமுட்டம் வட்டம். 4) ரா. ஆனந்தராஜ் அம்மன் கோவில் தெரு, குணமங்கலம் அஞ்சல், திருமுட்டம் வட்டம். 5) கோ. சந்தோஷ் விழப்பெருந்துறை, குணமங்கலம் அஞ்சல், திருமுட்டம் வட்டம்.

திருமுட்டம் மேற்கு ஒன்றியம்

அமைப்பாளர் - க. ஆனந்த் ஸ்ரீசாத்தமங்கலம், குணமங்கலம் அஞ்சல், திருமுட்டம் வட்டம், கடலூர் மாவட்டம் - 608703.

துணை அமைப்பாளர்கள் - 1) ரா. ரமேஷ் ஸ்ரீசாத்தமங்கலம், குணமங்கலம் அஞ்சல், திருமுட்டம் வட்டம். 2) செல்வதுரை ஆனந்தகுடி, இராஜேந்திரப்பட்டனம், திருமுட்டம் வட்டம், கடலூர் மாவட்டம் - 608703. 3) சு. ஞானமணி மேலத்தெரு, அஞ்சல், திருமுட்டம் வட்டம், கடலூர் மாவட்டம் - 608703. 4) ரா. செல்வதுரை ஆனந்தகுடி, இராஜேந்திரப்பட்டனம் அஞ்சல், திருமுட்டம் வட்டம், கடலூர் மாவட்டம் - 608703. 5) ரா. ஜெயராமன் ஸ்ரீமுஷ்ணம் வராகநல்லூர், திருமுட்டம் வட்டம், கடலூர் மாவட்டம் - 608703.
